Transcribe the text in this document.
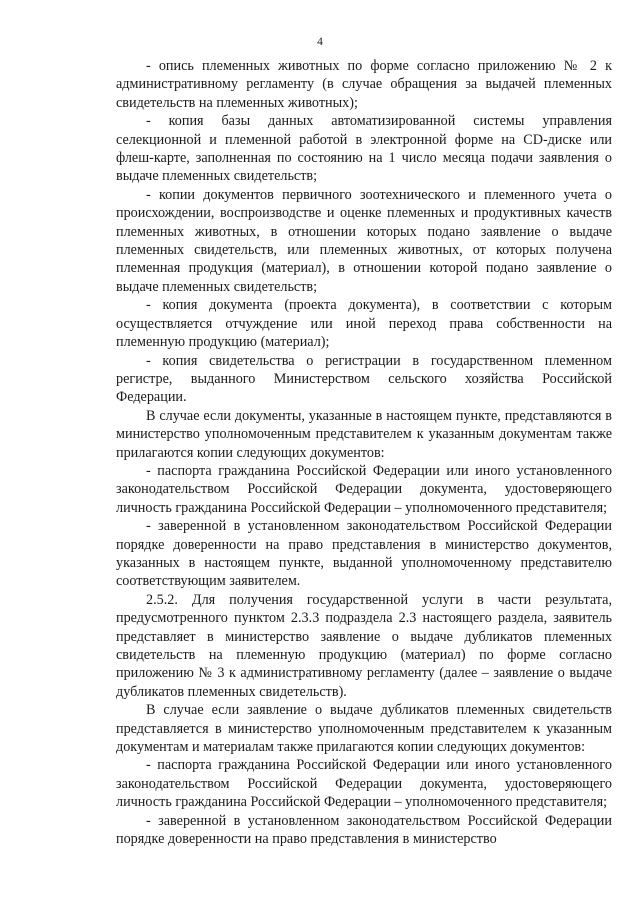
4

- опись племенных животных по форме согласно приложению № 2 к административному регламенту (в случае обращения за выдачей племенных свидетельств на племенных животных);

- копия базы данных автоматизированной системы управления селекционной и племенной работой в электронной форме на CD-диске или флеш-карте, заполненная по состоянию на 1 число месяца подачи заявления о выдаче племенных свидетельств;

- копии документов первичного зоотехнического и племенного учета о происхождении, воспроизводстве и оценке племенных и продуктивных качеств племенных животных, в отношении которых подано заявление о выдаче племенных свидетельств, или племенных животных, от которых получена племенная продукция (материал), в отношении которой подано заявление о выдаче племенных свидетельств;

- копия документа (проекта документа), в соответствии с которым осуществляется отчуждение или иной переход права собственности на племенную продукцию (материал);

- копия свидетельства о регистрации в государственном племенном регистре, выданного Министерством сельского хозяйства Российской Федерации.

В случае если документы, указанные в настоящем пункте, представляются в министерство уполномоченным представителем к указанным документам также прилагаются копии следующих документов:

- паспорта гражданина Российской Федерации или иного установленного законодательством Российской Федерации документа, удостоверяющего личность гражданина Российской Федерации – уполномоченного представителя;

- заверенной в установленном законодательством Российской Федерации порядке доверенности на право представления в министерство документов, указанных в настоящем пункте, выданной уполномоченному представителю соответствующим заявителем.

2.5.2. Для получения государственной услуги в части результата, предусмотренного пунктом 2.3.3 подраздела 2.3 настоящего раздела, заявитель представляет в министерство заявление о выдаче дубликатов племенных свидетельств на племенную продукцию (материал) по форме согласно приложению № 3 к административному регламенту (далее – заявление о выдаче дубликатов племенных свидетельств).

В случае если заявление о выдаче дубликатов племенных свидетельств представляется в министерство уполномоченным представителем к указанным документам и материалам также прилагаются копии следующих документов:

- паспорта гражданина Российской Федерации или иного установленного законодательством Российской Федерации документа, удостоверяющего личность гражданина Российской Федерации – уполномоченного представителя;

- заверенной в установленном законодательством Российской Федерации порядке доверенности на право представления в министерство
